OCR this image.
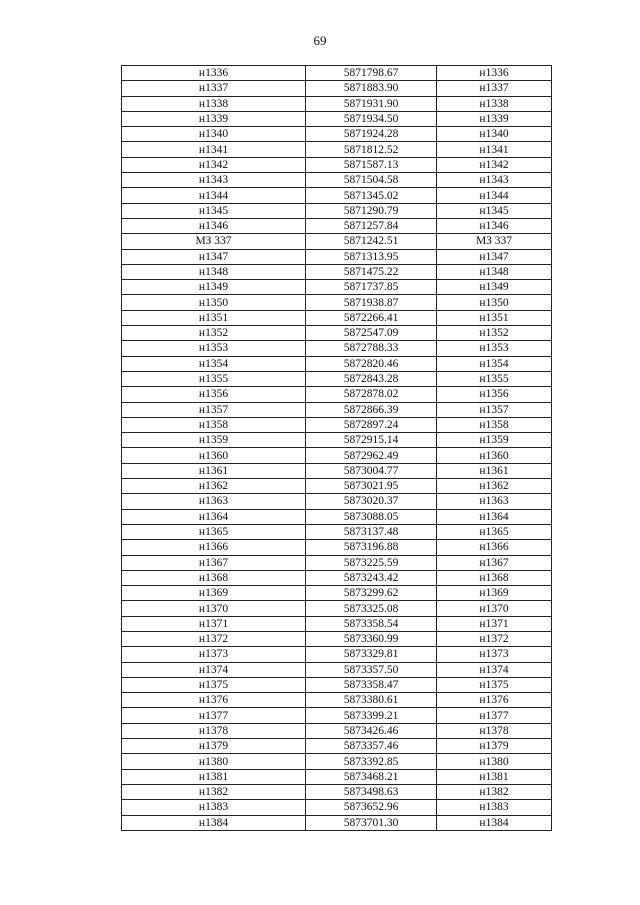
69
н1336	5871798.67	н1336
н1337	5871883.90	н1337
н1338	5871931.90	н1338
н1339	5871934.50	н1339
н1340	5871924.28	н1340
н1341	5871812.52	н1341
н1342	5871587.13	н1342
н1343	5871504.58	н1343
н1344	5871345.02	н1344
н1345	5871290.79	н1345
н1346	5871257.84	н1346
МЗ 337	5871242.51	МЗ 337
н1347	5871313.95	н1347
н1348	5871475.22	н1348
н1349	5871737.85	н1349
н1350	5871938.87	н1350
н1351	5872266.41	н1351
н1352	5872547.09	н1352
н1353	5872788.33	н1353
н1354	5872820.46	н1354
н1355	5872843.28	н1355
н1356	5872878.02	н1356
н1357	5872866.39	н1357
н1358	5872897.24	н1358
н1359	5872915.14	н1359
н1360	5872962.49	н1360
н1361	5873004.77	н1361
н1362	5873021.95	н1362
н1363	5873020.37	н1363
н1364	5873088.05	н1364
н1365	5873137.48	н1365
н1366	5873196.88	н1366
н1367	5873225.59	н1367
н1368	5873243.42	н1368
н1369	5873299.62	н1369
н1370	5873325.08	н1370
н1371	5873358.54	н1371
н1372	5873360.99	н1372
н1373	5873329.81	н1373
н1374	5873357.50	н1374
н1375	5873358.47	н1375
н1376	5873380.61	н1376
н1377	5873399.21	н1377
н1378	5873426.46	н1378
н1379	5873357.46	н1379
н1380	5873392.85	н1380
н1381	5873468.21	н1381
н1382	5873498.63	н1382
н1383	5873652.96	н1383
н1384	5873701.30	н1384
